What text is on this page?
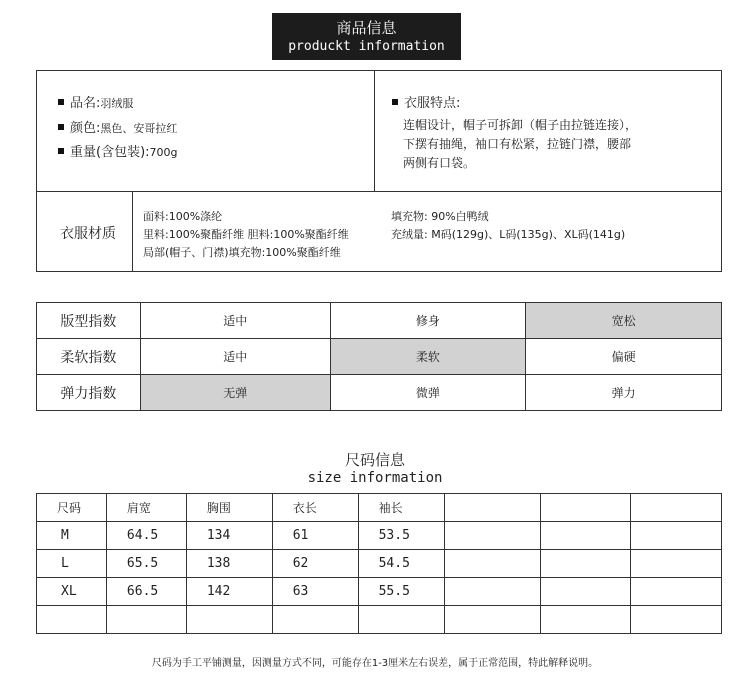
商品信息
produckt information
品名:羽绒服
颜色:黑色、安哥拉红
重量(含包装):700g
衣服特点:
连帽设计，帽子可拆卸（帽子由拉链连接），
下摆有抽绳，袖口有松紧，拉链门襟，腰部
两侧有口袋。
衣服材质
面料:100%涤纶
里料:100%聚酯纤维 胆料:100%聚酯纤维
局部(帽子、门襟)填充物:100%聚酯纤维
填充物: 90%白鸭绒
充绒量: M码(129g)、L码(135g)、XL码(141g)
版型指数	适中	修身	宽松
柔软指数	适中	柔软	偏硬
弹力指数	无弹	微弹	弹力
尺码信息
size information
尺码	肩宽	胸围	衣长	袖长			
M	64.5	134	61	53.5			
L	65.5	138	62	54.5			
XL	66.5	142	63	55.5			

尺码为手工平铺测量，因测量方式不同，可能存在1-3厘米左右误差，属于正常范围，特此解释说明。
